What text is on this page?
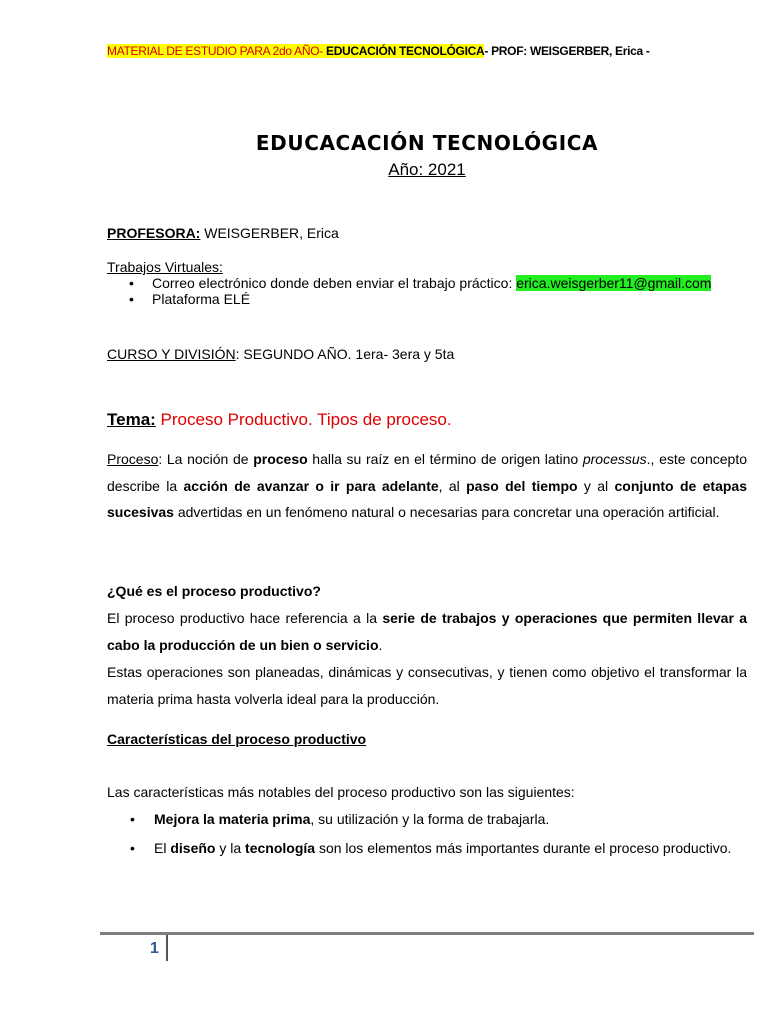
MATERIAL DE ESTUDIO PARA 2do AÑO- EDUCACIÓN TECNOLÓGICA- PROF: WEISGERBER, Erica -
EDUCACACIÓN TECNOLÓGICA
Año: 2021
PROFESORA: WEISGERBER, Erica
Trabajos Virtuales:
• Correo electrónico donde deben enviar el trabajo práctico: erica.weisgerber11@gmail.com
• Plataforma ELÉ
CURSO Y DIVISIÓN: SEGUNDO AÑO. 1era- 3era y 5ta
Tema: Proceso Productivo. Tipos de proceso.
Proceso: La noción de proceso halla su raíz en el término de origen latino processus., este concepto describe la acción de avanzar o ir para adelante, al paso del tiempo y al conjunto de etapas sucesivas advertidas en un fenómeno natural o necesarias para concretar una operación artificial.
¿Qué es el proceso productivo?
El proceso productivo hace referencia a la serie de trabajos y operaciones que permiten llevar a cabo la producción de un bien o servicio.
Estas operaciones son planeadas, dinámicas y consecutivas, y tienen como objetivo el transformar la materia prima hasta volverla ideal para la producción.
Características del proceso productivo
Las características más notables del proceso productivo son las siguientes:
• Mejora la materia prima, su utilización y la forma de trabajarla.
• El diseño y la tecnología son los elementos más importantes durante el proceso productivo.
1
